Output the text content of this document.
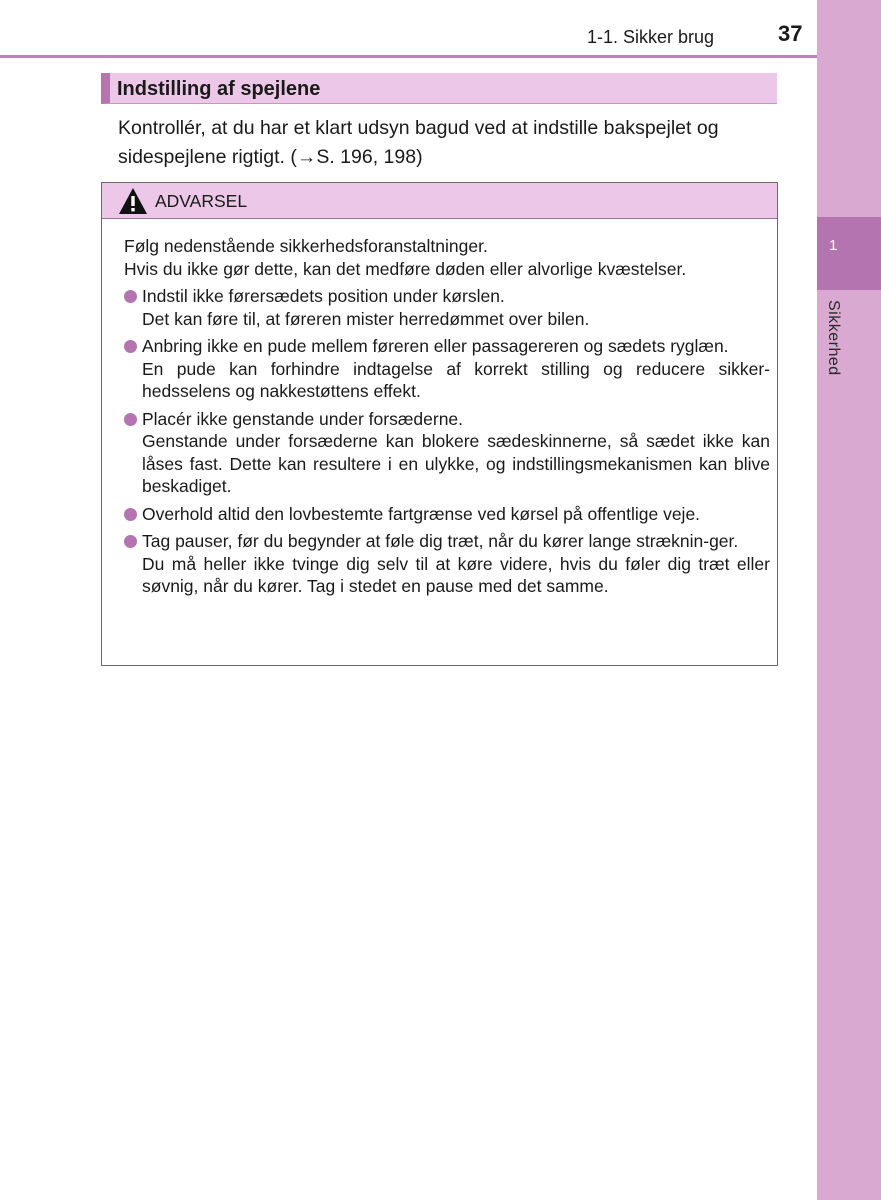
1
Sikkerhed
1-1. Sikker brug	37
Indstilling af spejlene
Kontrollér, at du har et klart udsyn bagud ved at indstille bakspejlet og sidespejlene rigtigt. (→S. 196, 198)
ADVARSEL

Følg nedenstående sikkerhedsforanstaltninger.

Hvis du ikke gør dette, kan det medføre døden eller alvorlige kvæstelser.

Indstil ikke førersædets position under kørslen.
Det kan føre til, at føreren mister herredømmet over bilen.
Anbring ikke en pude mellem føreren eller passagereren og sædets ryglæn.
En pude kan forhindre indtagelse af korrekt stilling og reducere sikker-hedsselens og nakkestøttens effekt.
Placér ikke genstande under forsæderne.
Genstande under forsæderne kan blokere sædeskinnerne, så sædet ikke kan låses fast. Dette kan resultere i en ulykke, og indstillingsmekanismen kan blive beskadiget.
Overhold altid den lovbestemte fartgrænse ved kørsel på offentlige veje.
Tag pauser, før du begynder at føle dig træt, når du kører lange stræknin-ger.
Du må heller ikke tvinge dig selv til at køre videre, hvis du føler dig træt eller søvnig, når du kører. Tag i stedet en pause med det samme.
